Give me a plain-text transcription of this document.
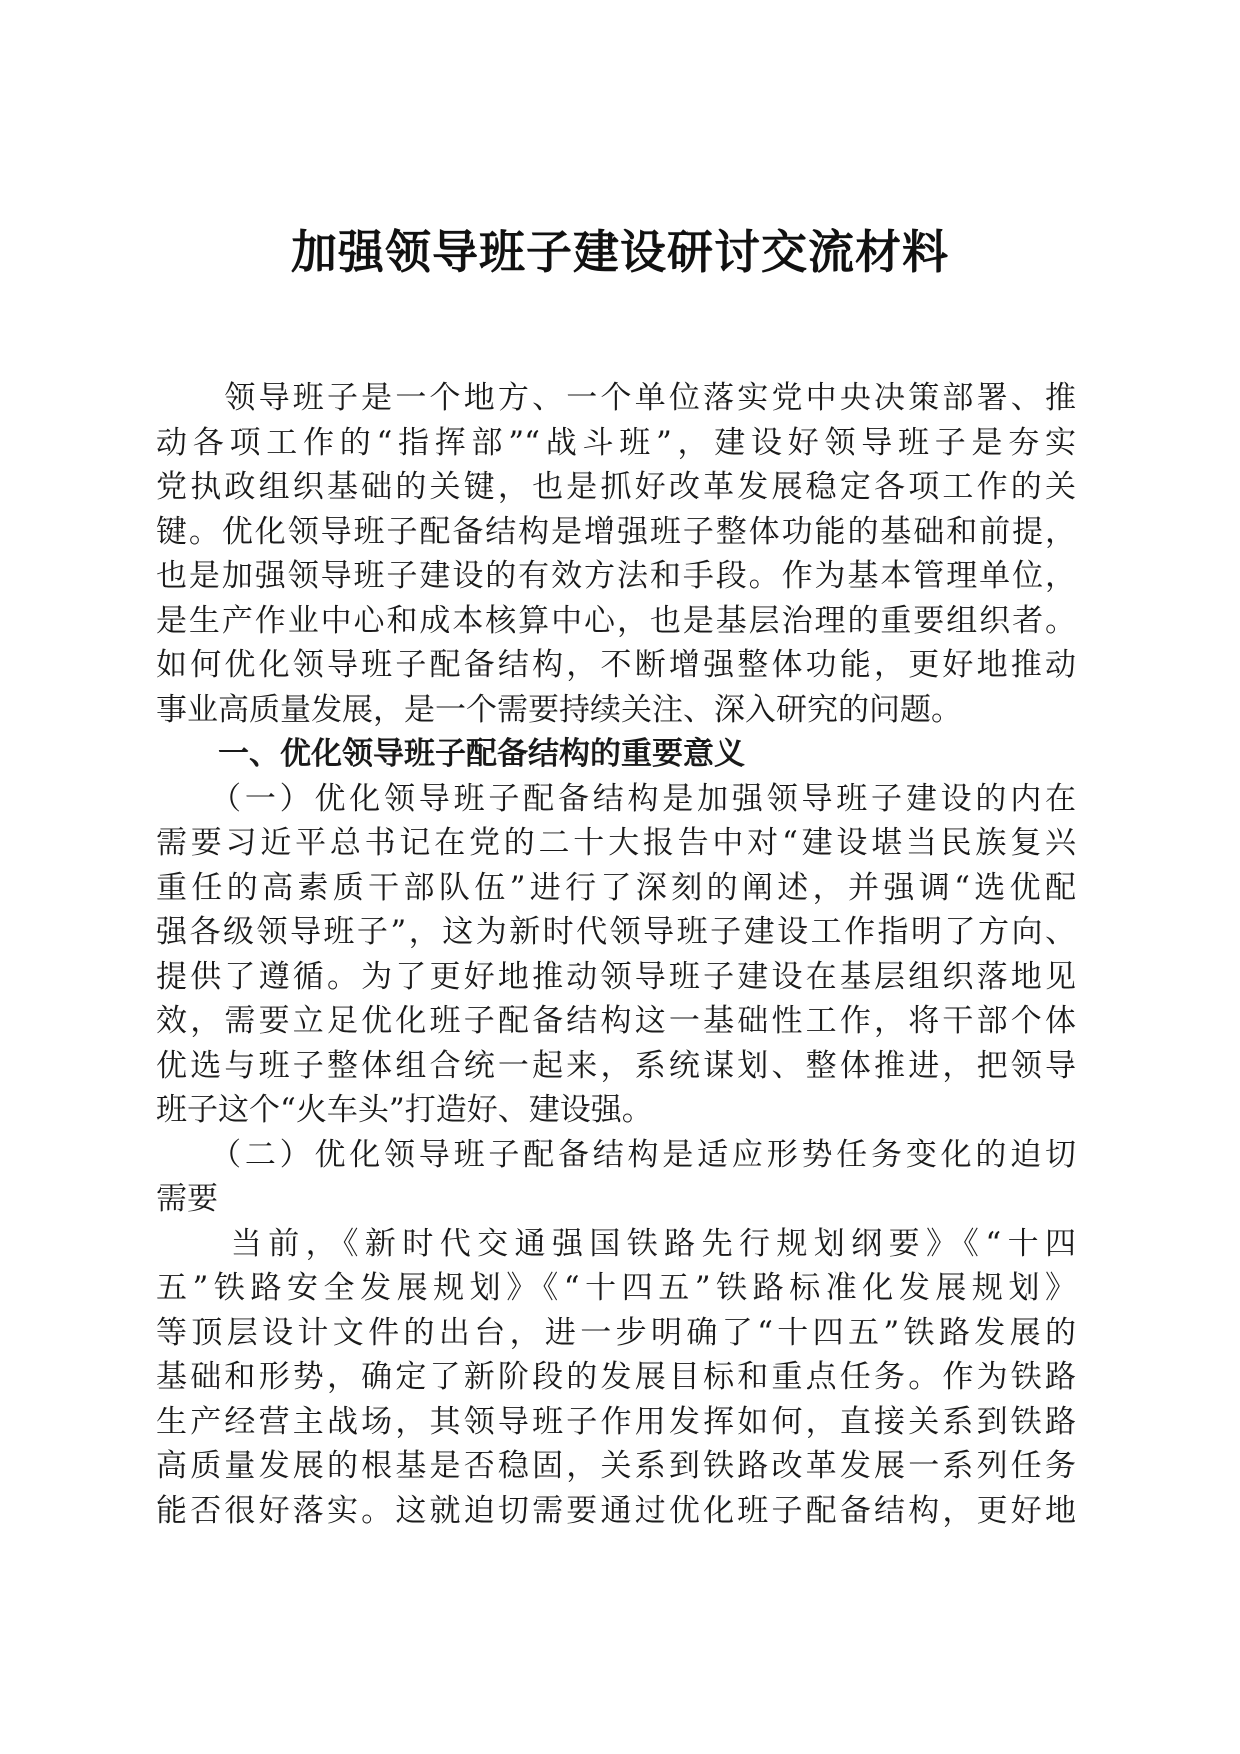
加强领导班子建设研讨交流材料
　　领导班子是一个地方、一个单位落实党中央决策部署、推
动各项工作的“指挥部”“战斗班”，建设好领导班子是夯实
党执政组织基础的关键，也是抓好改革发展稳定各项工作的关
键。优化领导班子配备结构是增强班子整体功能的基础和前提，
也是加强领导班子建设的有效方法和手段。作为基本管理单位，
是生产作业中心和成本核算中心，也是基层治理的重要组织者。
如何优化领导班子配备结构，不断增强整体功能，更好地推动
事业高质量发展，是一个需要持续关注、深入研究的问题。
　　一、优化领导班子配备结构的重要意义
　　（一）优化领导班子配备结构是加强领导班子建设的内在
需要习近平总书记在党的二十大报告中对“建设堪当民族复兴
重任的高素质干部队伍”进行了深刻的阐述，并强调“选优配
强各级领导班子”，这为新时代领导班子建设工作指明了方向、
提供了遵循。为了更好地推动领导班子建设在基层组织落地见
效，需要立足优化班子配备结构这一基础性工作，将干部个体
优选与班子整体组合统一起来，系统谋划、整体推进，把领导
班子这个“火车头”打造好、建设强。
　　（二）优化领导班子配备结构是适应形势任务变化的迫切
需要
　　当前，《新时代交通强国铁路先行规划纲要》《“十四
五”铁路安全发展规划》《“十四五”铁路标准化发展规划》
等顶层设计文件的出台，进一步明确了“十四五”铁路发展的
基础和形势，确定了新阶段的发展目标和重点任务。作为铁路
生产经营主战场，其领导班子作用发挥如何，直接关系到铁路
高质量发展的根基是否稳固，关系到铁路改革发展一系列任务
能否很好落实。这就迫切需要通过优化班子配备结构，更好地
